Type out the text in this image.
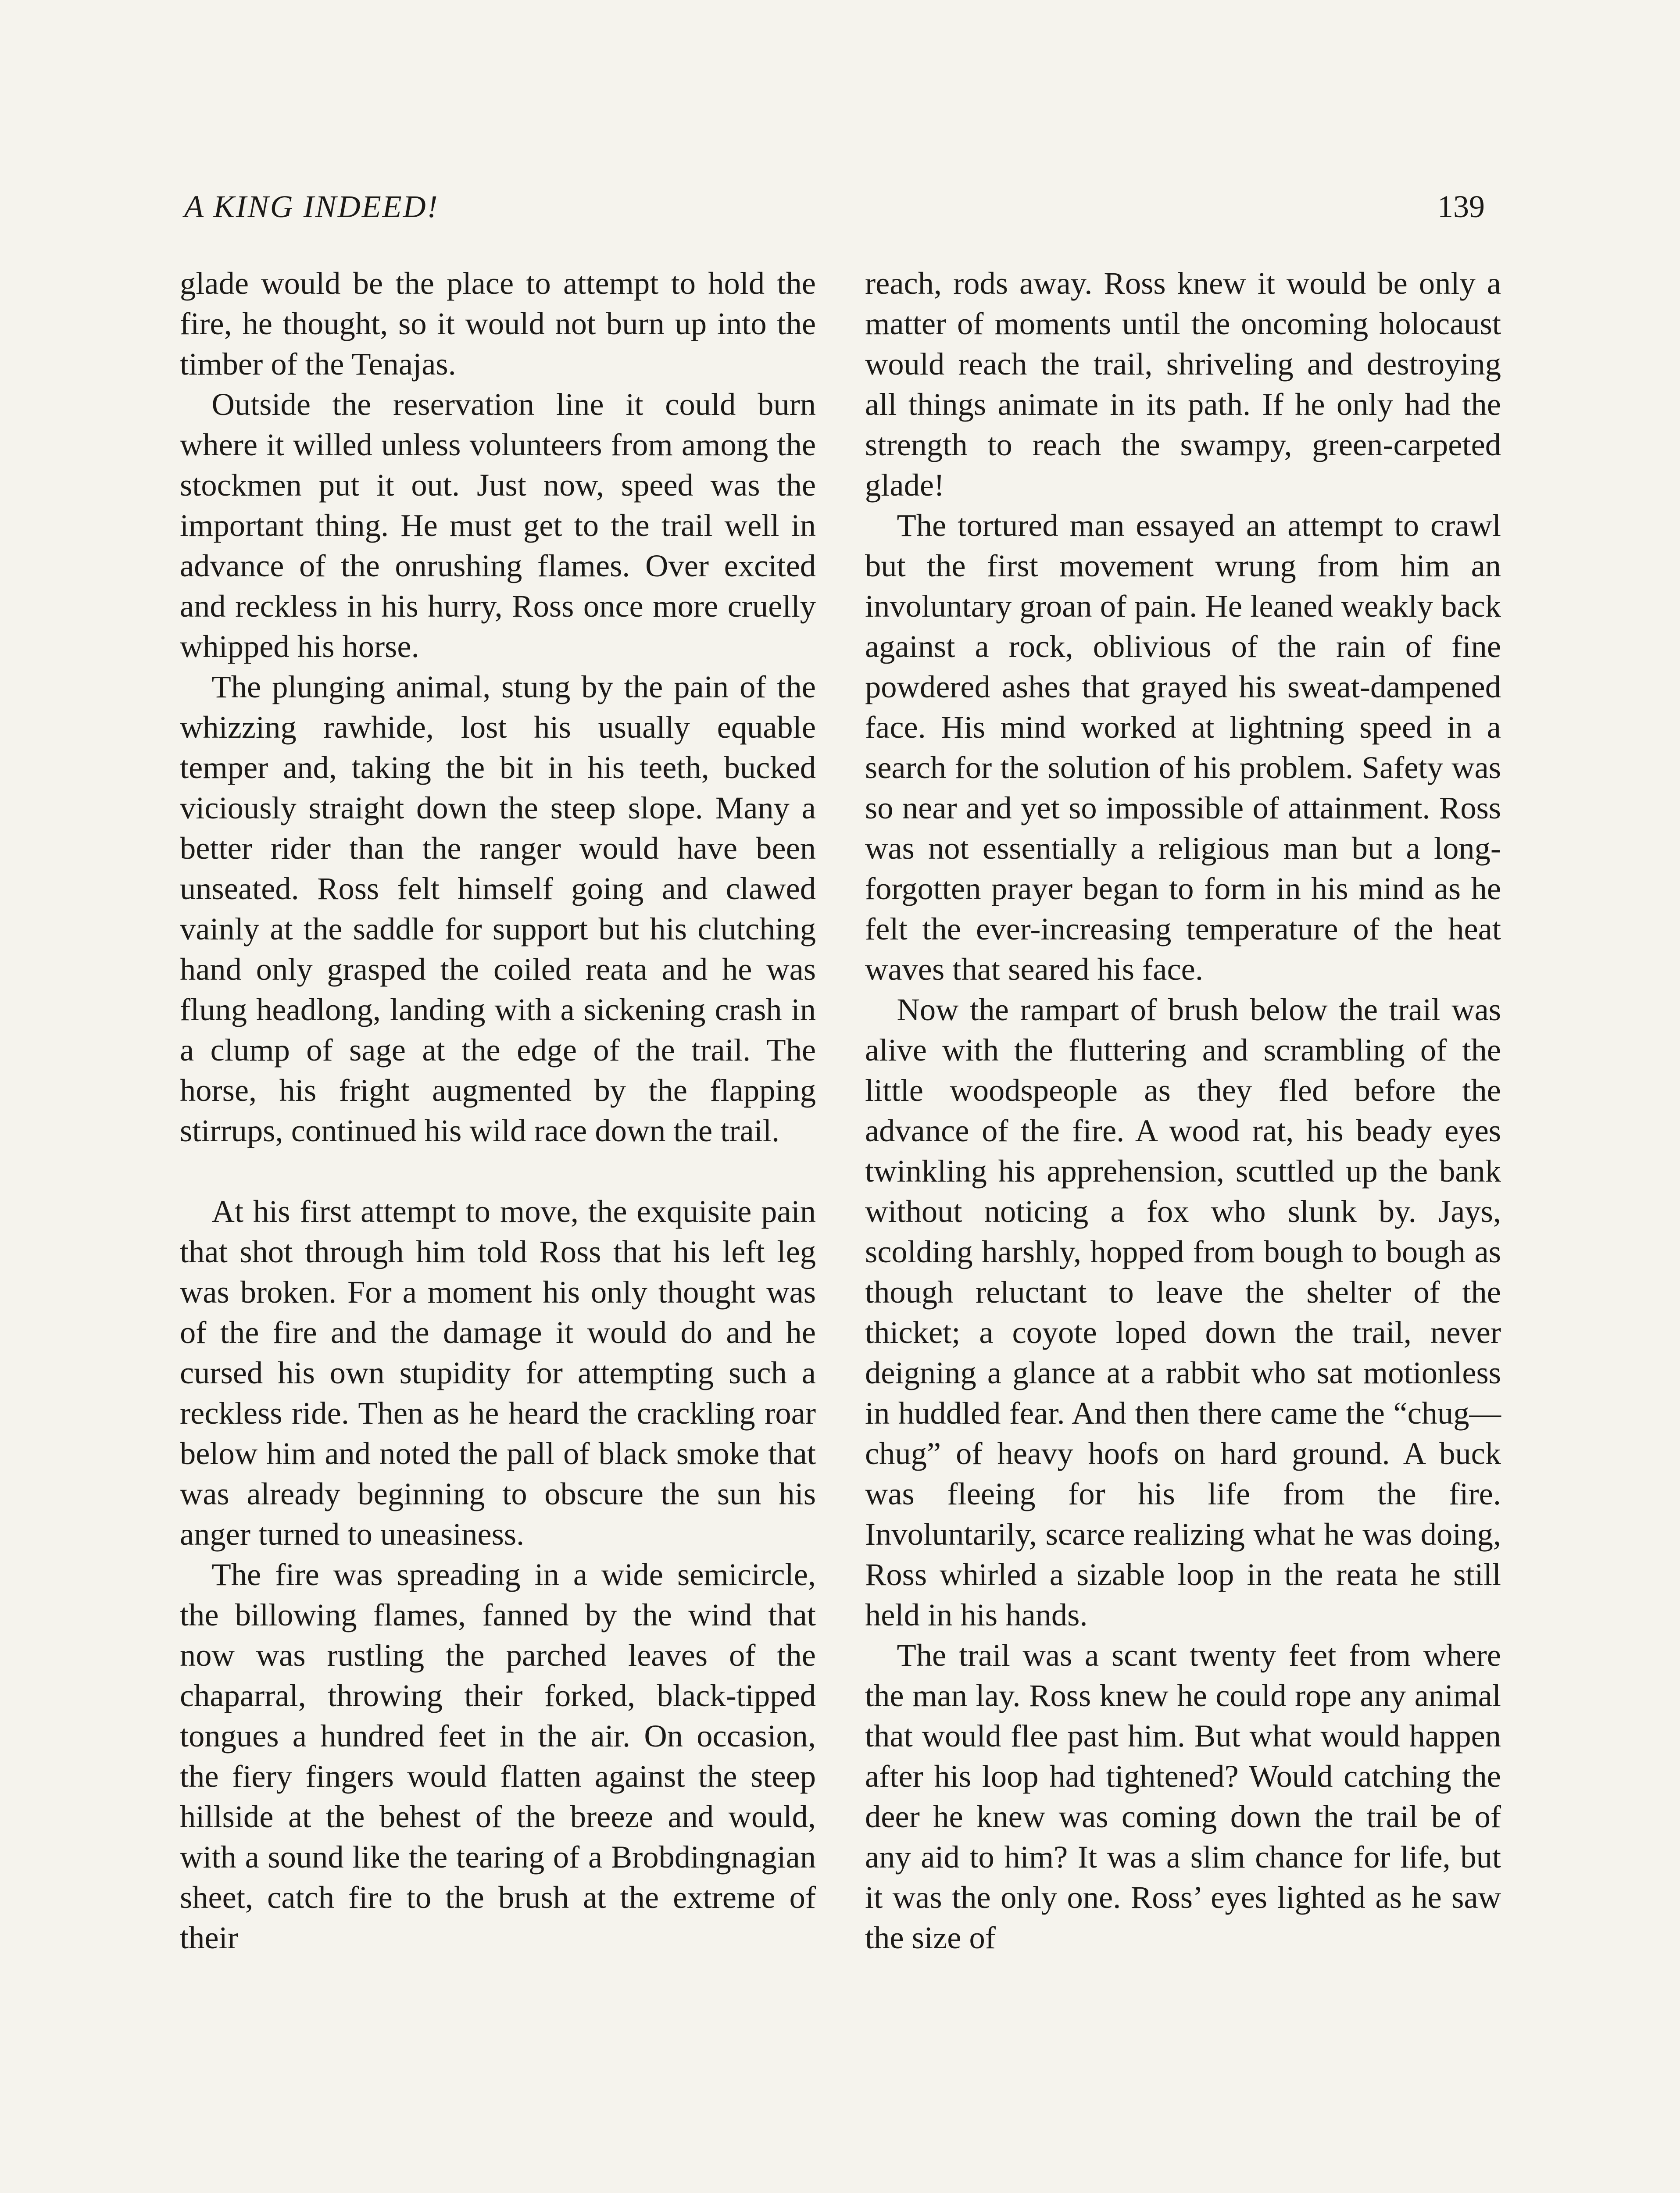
A KING INDEED!	139

glade would be the place to attempt to hold the fire, he thought, so it would not burn up into the timber of the Tenajas.

Outside the reservation line it could burn where it willed unless volunteers from among the stockmen put it out. Just now, speed was the important thing. He must get to the trail well in advance of the onrushing flames. Over excited and reckless in his hurry, Ross once more cruelly whipped his horse.

The plunging animal, stung by the pain of the whizzing rawhide, lost his usually equable temper and, taking the bit in his teeth, bucked viciously straight down the steep slope. Many a better rider than the ranger would have been unseated. Ross felt himself going and clawed vainly at the saddle for support but his clutching hand only grasped the coiled reata and he was flung headlong, landing with a sickening crash in a clump of sage at the edge of the trail. The horse, his fright augmented by the flapping stirrups, continued his wild race down the trail.

At his first attempt to move, the exquisite pain that shot through him told Ross that his left leg was broken. For a moment his only thought was of the fire and the damage it would do and he cursed his own stupidity for attempting such a reckless ride. Then as he heard the crackling roar below him and noted the pall of black smoke that was already beginning to obscure the sun his anger turned to uneasiness.

The fire was spreading in a wide semicircle, the billowing flames, fanned by the wind that now was rustling the parched leaves of the chaparral, throwing their forked, black-tipped tongues a hundred feet in the air. On occasion, the fiery fingers would flatten against the steep hillside at the behest of the breeze and would, with a sound like the tearing of a Brobdingnagian sheet, catch fire to the brush at the extreme of their

reach, rods away. Ross knew it would be only a matter of moments until the oncoming holocaust would reach the trail, shriveling and destroying all things animate in its path. If he only had the strength to reach the swampy, green-carpeted glade!

The tortured man essayed an attempt to crawl but the first movement wrung from him an involuntary groan of pain. He leaned weakly back against a rock, oblivious of the rain of fine powdered ashes that grayed his sweat-dampened face. His mind worked at lightning speed in a search for the solution of his problem. Safety was so near and yet so impossible of attainment. Ross was not essentially a religious man but a long-forgotten prayer began to form in his mind as he felt the ever-increasing temperature of the heat waves that seared his face.

Now the rampart of brush below the trail was alive with the fluttering and scrambling of the little woodspeople as they fled before the advance of the fire. A wood rat, his beady eyes twinkling his apprehension, scuttled up the bank without noticing a fox who slunk by. Jays, scolding harshly, hopped from bough to bough as though reluctant to leave the shelter of the thicket; a coyote loped down the trail, never deigning a glance at a rabbit who sat motionless in huddled fear. And then there came the “chug—chug” of heavy hoofs on hard ground. A buck was fleeing for his life from the fire. Involuntarily, scarce realizing what he was doing, Ross whirled a sizable loop in the reata he still held in his hands.

The trail was a scant twenty feet from where the man lay. Ross knew he could rope any animal that would flee past him. But what would happen after his loop had tightened? Would catching the deer he knew was coming down the trail be of any aid to him? It was a slim chance for life, but it was the only one. Ross’ eyes lighted as he saw the size of
